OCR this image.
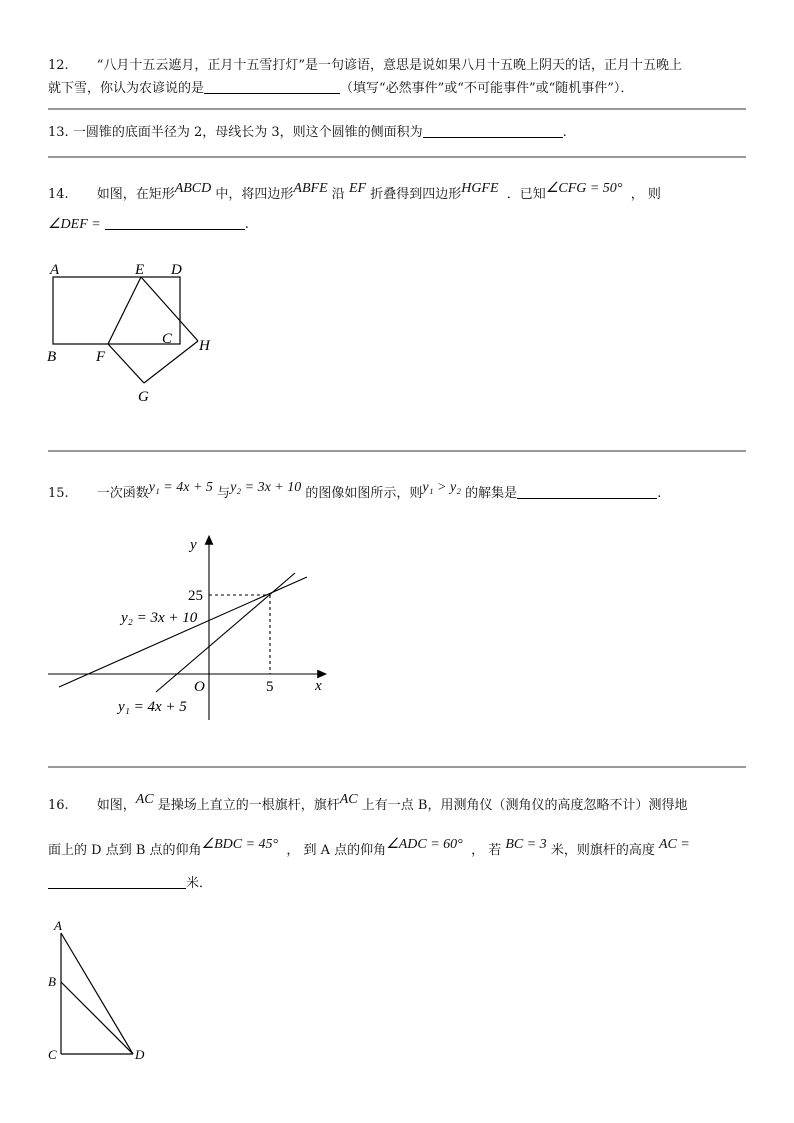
12. “八月十五云遮月，正月十五雪打灯”是一句谚语，意思是说如果八月十五晚上阴天的话，正月十五晚上
就下雪，你认为农谚说的是	（填写“必然事件”或“不可能事件”或“随机事件”）．
13. 一圆锥的底面半径为 2，母线长为 3，则这个圆锥的侧面积为	.
14. 如图，在矩形ABCD 中，将四边形ABFE 沿 EF 折叠得到四边形HGFE ．已知∠CFG = 50° ， 则
∠DEF =	.
A	E D
C H
B	F
G
15. 一次函数y₁ = 4x + 5 与y₂ = 3x + 10 的图像如图所示，则y₁ > y₂ 的解集是	.
y
x
O
25
5
y₂ = 3x + 10
y₁ = 4x + 5
16. 如图，AC 是操场上直立的一根旗杆，旗杆AC 上有一点 B，用测角仪（测角仪的高度忽略不计）测得地
面上的 D 点到 B 点的仰角∠BDC = 45° ， 到 A 点的仰角∠ADC = 60° ， 若 BC = 3 米，则旗杆的高度 AC =
米．
A
B
C	D
